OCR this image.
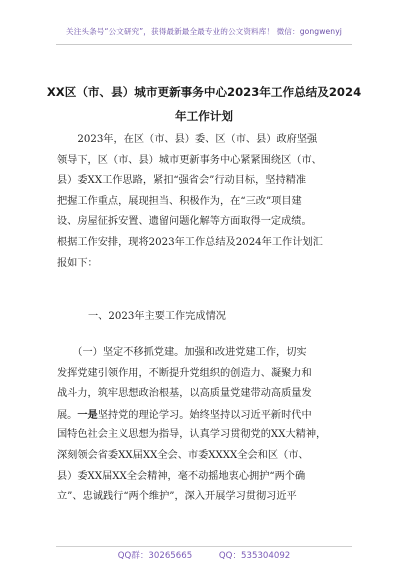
关注头条号“公文研究”，获得最新最全最专业的公文资料库！ 微信：gongwenyj
XX区（市、县）城市更新事务中心2023年工作总结及2024
年工作计划
　　2023年，在区（市、县）委、区（市、县）政府坚强
领导下，区（市、县）城市更新事务中心紧紧围绕区（市、
县）委XX工作思路，紧扣“强省会”行动目标，坚持精准
把握工作重点，展现担当、积极作为，在“三改”项目建
设、房屋征拆安置、遗留问题化解等方面取得一定成绩。
根据工作安排，现将2023年工作总结及2024年工作计划汇
报如下：
一、2023年主要工作完成情况
　　（一）坚定不移抓党建。加强和改进党建工作，切实
发挥党建引领作用，不断提升党组织的创造力、凝聚力和
战斗力，筑牢思想政治根基，以高质量党建带动高质量发
展。一是坚持党的理论学习。始终坚持以习近平新时代中
国特色社会主义思想为指导，认真学习贯彻党的XX大精神，
深刻领会省委XX届XX全会、市委XXXX全会和区（市、
县）委XX届XX全会精神，毫不动摇地衷心拥护“两个确
立”、忠诚践行“两个维护”，深入开展学习贯彻习近平
QQ群：30265665	QQ：535304092
